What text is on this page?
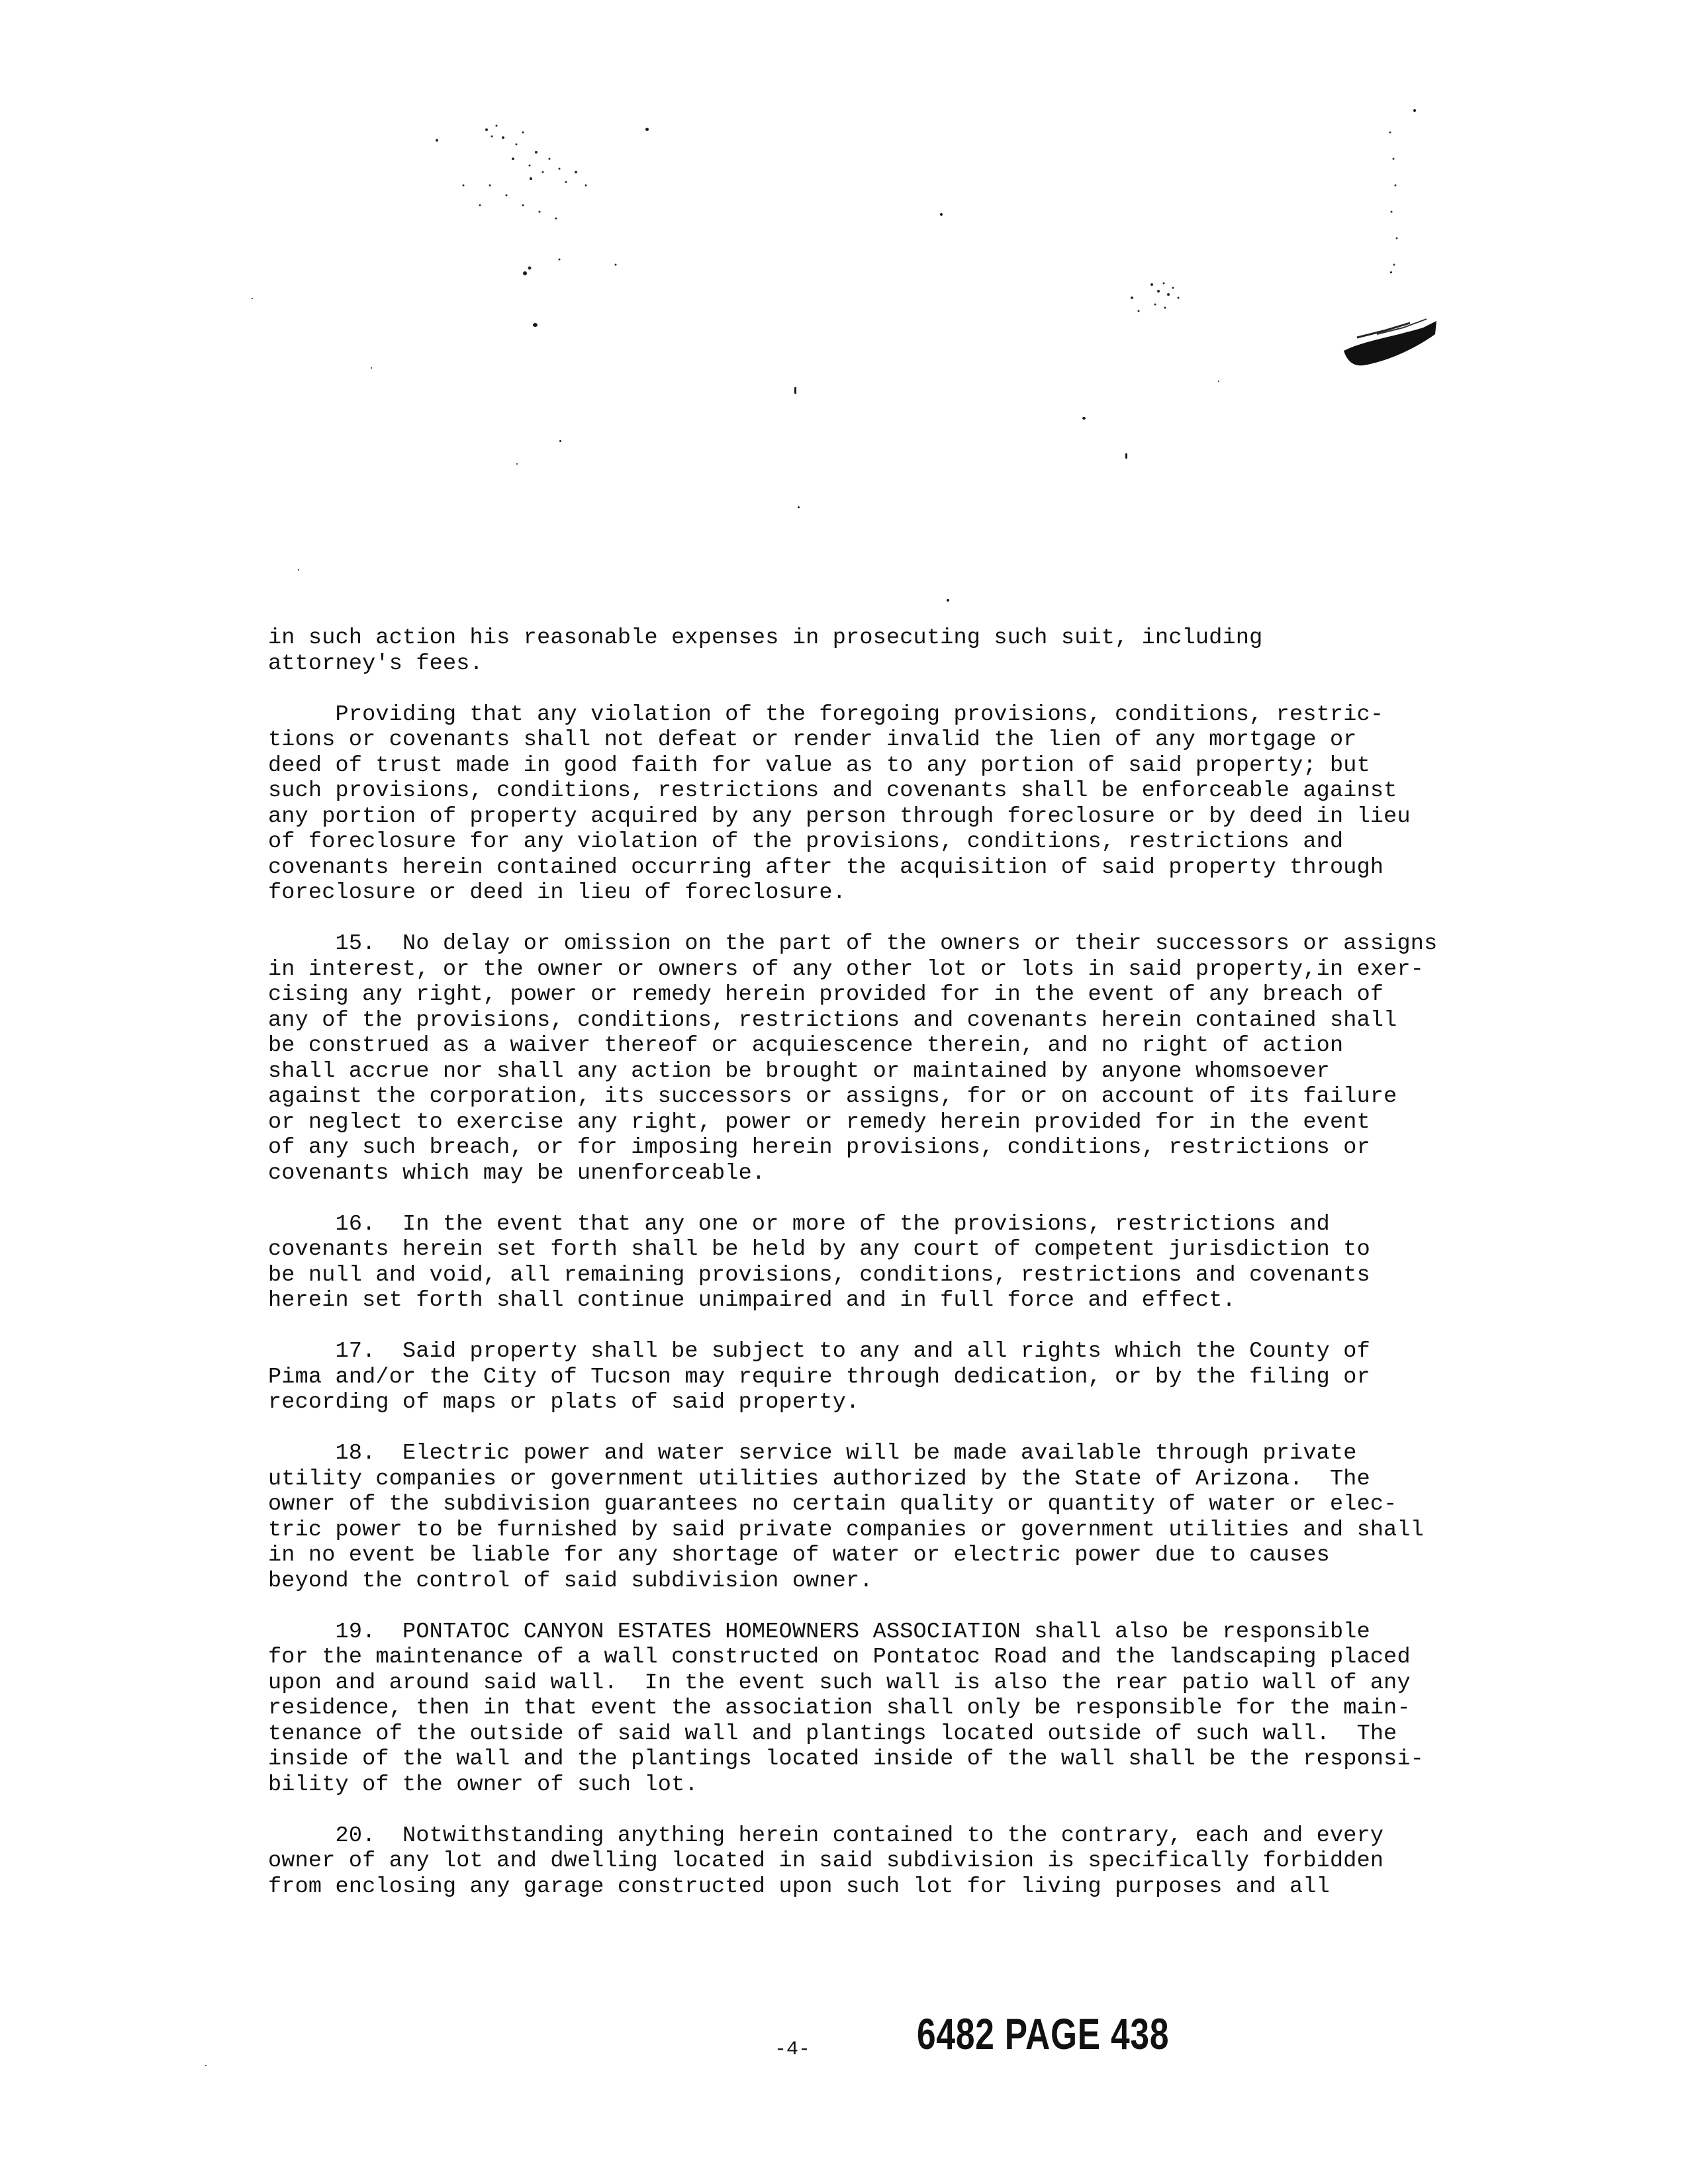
in such action his reasonable expenses in prosecuting such suit, including
attorney's fees.
Providing that any violation of the foregoing provisions, conditions, restric-
tions or covenants shall not defeat or render invalid the lien of any mortgage or
deed of trust made in good faith for value as to any portion of said property; but
such provisions, conditions, restrictions and covenants shall be enforceable against
any portion of property acquired by any person through foreclosure or by deed in lieu
of foreclosure for any violation of the provisions, conditions, restrictions and
covenants herein contained occurring after the acquisition of said property through
foreclosure or deed in lieu of foreclosure.
15.  No delay or omission on the part of the owners or their successors or assigns
in interest, or the owner or owners of any other lot or lots in said property,in exer-
cising any right, power or remedy herein provided for in the event of any breach of
any of the provisions, conditions, restrictions and covenants herein contained shall
be construed as a waiver thereof or acquiescence therein, and no right of action
shall accrue nor shall any action be brought or maintained by anyone whomsoever
against the corporation, its successors or assigns, for or on account of its failure
or neglect to exercise any right, power or remedy herein provided for in the event
of any such breach, or for imposing herein provisions, conditions, restrictions or
covenants which may be unenforceable.
16.  In the event that any one or more of the provisions, restrictions and
covenants herein set forth shall be held by any court of competent jurisdiction to
be null and void, all remaining provisions, conditions, restrictions and covenants
herein set forth shall continue unimpaired and in full force and effect.
17.  Said property shall be subject to any and all rights which the County of
Pima and/or the City of Tucson may require through dedication, or by the filing or
recording of maps or plats of said property.
18.  Electric power and water service will be made available through private
utility companies or government utilities authorized by the State of Arizona.  The
owner of the subdivision guarantees no certain quality or quantity of water or elec-
tric power to be furnished by said private companies or government utilities and shall
in no event be liable for any shortage of water or electric power due to causes
beyond the control of said subdivision owner.
19.  PONTATOC CANYON ESTATES HOMEOWNERS ASSOCIATION shall also be responsible
for the maintenance of a wall constructed on Pontatoc Road and the landscaping placed
upon and around said wall.  In the event such wall is also the rear patio wall of any
residence, then in that event the association shall only be responsible for the main-
tenance of the outside of said wall and plantings located outside of such wall.  The
inside of the wall and the plantings located inside of the wall shall be the responsi-
bility of the owner of such lot.
20.  Notwithstanding anything herein contained to the contrary, each and every
owner of any lot and dwelling located in said subdivision is specifically forbidden
from enclosing any garage constructed upon such lot for living purposes and all
-4- 6482 PAGE 438
